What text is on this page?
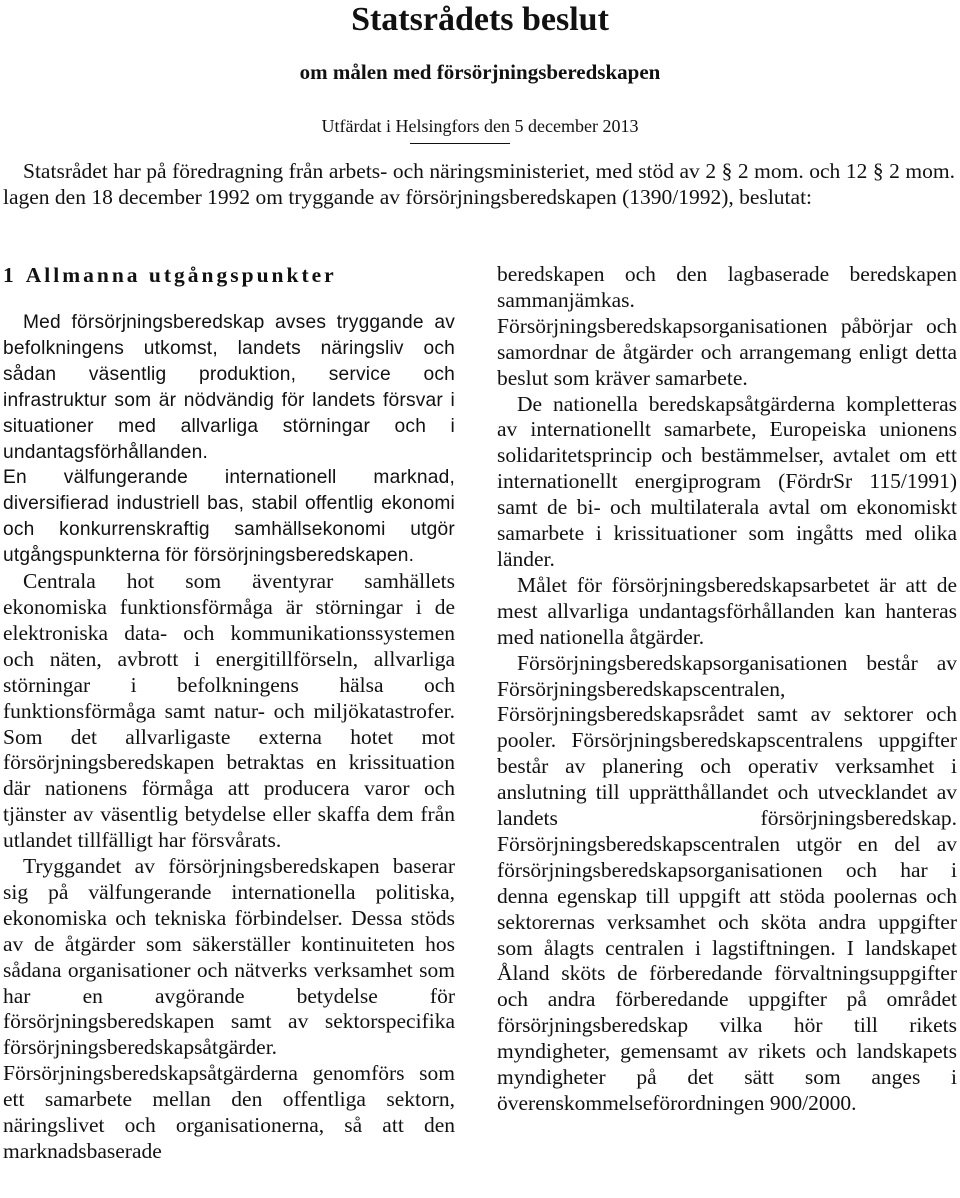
Statsrådets beslut
om målen med försörjningsberedskapen

Utfärdat i Helsingfors den 5 december 2013

Statsrådet har på föredragning från arbets- och näringsministeriet, med stöd av 2 § 2 mom. och 12 § 2 mom. lagen den 18 december 1992 om tryggande av försörjningsberedskapen (1390/1992), beslutat:

1 Allmanna utgångspunkter

Med försörjningsberedskap avses tryggande av befolkningens utkomst, landets näringsliv och sådan väsentlig produktion, service och infrastruktur som är nödvändig för landets försvar i situationer med allvarliga störningar och i undantagsförhållanden.

En välfungerande internationell marknad, diversifierad industriell bas, stabil offentlig ekonomi och konkurrenskraftig samhällsekonomi utgör utgångspunkterna för försörjningsberedskapen.

Centrala hot som äventyrar samhällets ekonomiska funktionsförmåga är störningar i de elektroniska data- och kommunikationssystemen och näten, avbrott i energitillförseln, allvarliga störningar i befolkningens hälsa och funktionsförmåga samt natur- och miljökatastrofer. Som det allvarligaste externa hotet mot försörjningsberedskapen betraktas en krissituation där nationens förmåga att producera varor och tjänster av väsentlig betydelse eller skaffa dem från utlandet tillfälligt har försvårats.

Tryggandet av försörjningsberedskapen baserar sig på välfungerande internationella politiska, ekonomiska och tekniska förbindelser. Dessa stöds av de åtgärder som säkerställer kontinuiteten hos sådana organisationer och nätverks verksamhet som har en avgörande betydelse för försörjningsberedskapen samt av sektorspecifika försörjningsberedskapsåtgärder. Försörjningsberedskapsåtgärderna genomförs som ett samarbete mellan den offentliga sektorn, näringslivet och organisationerna, så att den marknadsbaserade

beredskapen och den lagbaserade beredskapen sammanjämkas. Försörjningsberedskapsorganisationen påbörjar och samordnar de åtgärder och arrangemang enligt detta beslut som kräver samarbete.

De nationella beredskapsåtgärderna kompletteras av internationellt samarbete, Europeiska unionens solidaritetsprincip och bestämmelser, avtalet om ett internationellt energiprogram (FördrSr 115/1991) samt de bi- och multilaterala avtal om ekonomiskt samarbete i krissituationer som ingåtts med olika länder.

Målet för försörjningsberedskapsarbetet är att de mest allvarliga undantagsförhållanden kan hanteras med nationella åtgärder.

Försörjningsberedskapsorganisationen består av Försörjningsberedskapscentralen, Försörjningsberedskapsrådet samt av sektorer och pooler. Försörjningsberedskapscentralens uppgifter består av planering och operativ verksamhet i anslutning till upprätthållandet och utvecklandet av landets försörjningsberedskap. Försörjningsberedskapscentralen utgör en del av försörjningsberedskapsorganisationen och har i denna egenskap till uppgift att stöda poolernas och sektorernas verksamhet och sköta andra uppgifter som ålagts centralen i lagstiftningen. I landskapet Åland sköts de förberedande förvaltningsuppgifter och andra förberedande uppgifter på området försörjningsberedskap vilka hör till rikets myndigheter, gemensamt av rikets och landskapets myndigheter på det sätt som anges i överenskommelseförordningen 900/2000.
